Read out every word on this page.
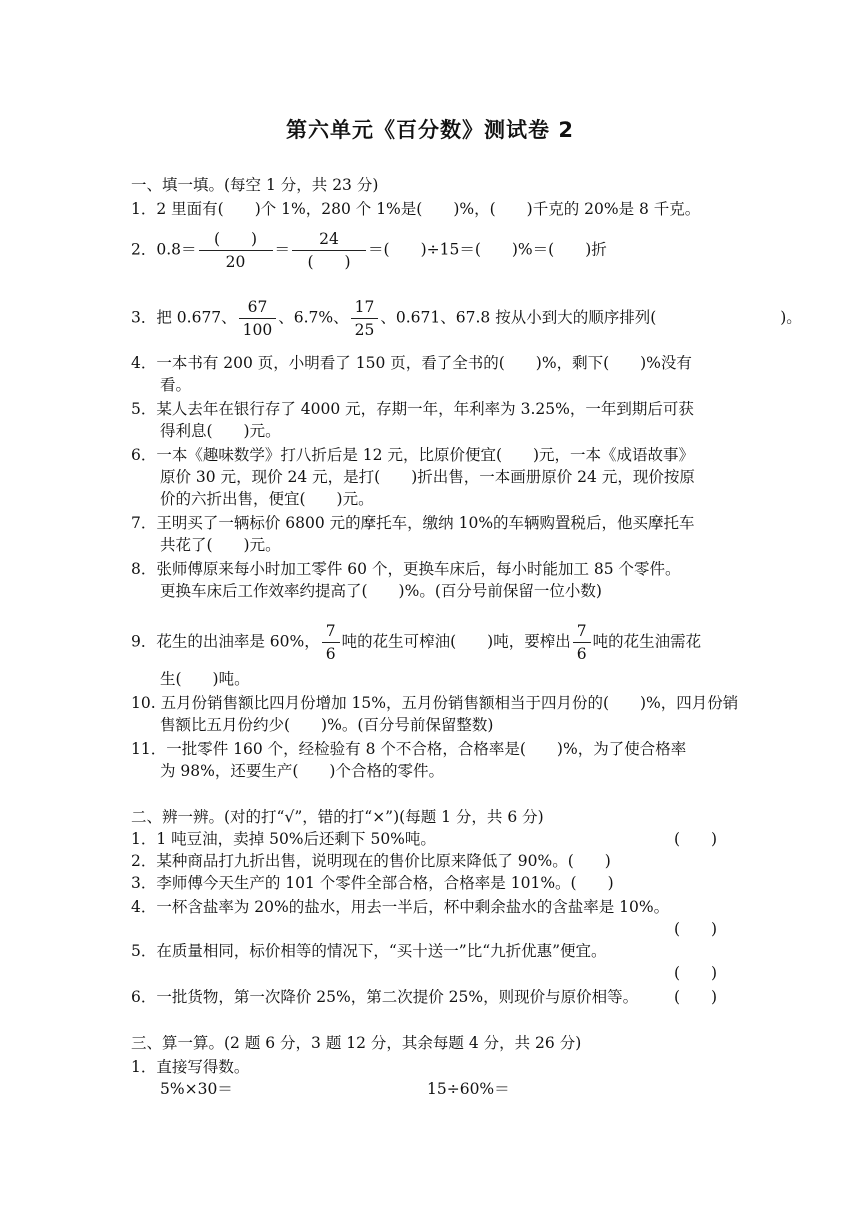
第六单元《百分数》测试卷 2
一、填一填。(每空 1 分，共 23 分)
1．2 里面有(　　)个 1%，280 个 1%是(　　)%，(　　)千克的 20%是 8 千克。
2．$0.8= \frac{( )}{20} = \frac{24}{( )}$ ＝(　　)÷15＝(　　)%＝(　　)折
3．把 0.677、 $\frac{67}{100}$ 、6.7%、 $\frac{17}{25}$ 、0.671、67.8 按从小到大的顺序排列(　　　　　　　　)。
4．一本书有 200 页，小明看了 150 页，看了全书的(　　)%，剩下(　　)%没有
看。
5．某人去年在银行存了 4000 元，存期一年，年利率为 3.25%，一年到期后可获
得利息(　　)元。
6．一本《趣味数学》打八折后是 12 元，比原价便宜(　　)元，一本《成语故事》
原价 30 元，现价 24 元，是打(　　)折出售，一本画册原价 24 元，现价按原
价的六折出售，便宜(　　)元。
7．王明买了一辆标价 6800 元的摩托车，缴纳 10%的车辆购置税后，他买摩托车
共花了(　　)元。
8．张师傅原来每小时加工零件 60 个，更换车床后，每小时能加工 85 个零件。
更换车床后工作效率约提高了(　　)%。(百分号前保留一位小数)
9．花生的出油率是 60%， $\frac{7}{6}$ 吨的花生可榨油(　　)吨，要榨出 $\frac{7}{6}$ 吨的花生油需花
生(　　)吨。
10. 五月份销售额比四月份增加 15%，五月份销售额相当于四月份的(　　)%，四月份销
售额比五月份约少(　　)%。(百分号前保留整数)
11．一批零件 160 个，经检验有 8 个不合格，合格率是(　　)%，为了使合格率
为 98%，还要生产(　　)个合格的零件。
二、辨一辨。(对的打“√”，错的打“×”)(每题 1 分，共 6 分)
1．1 吨豆油，卖掉 50%后还剩下 50%吨。	(　　)
2．某种商品打九折出售，说明现在的售价比原来降低了 90%。(　　)
3．李师傅今天生产的 101 个零件全部合格，合格率是 101%。(　　)
4．一杯含盐率为 20%的盐水，用去一半后，杯中剩余盐水的含盐率是 10%。
(　　)
5．在质量相同，标价相等的情况下，“买十送一”比“九折优惠”便宜。
(　　)
6．一批货物，第一次降价 25%，第二次提价 25%，则现价与原价相等。 (　　)
三、算一算。(2 题 6 分，3 题 12 分，其余每题 4 分，共 26 分)
1．直接写得数。
5%×30＝	15÷60%＝
